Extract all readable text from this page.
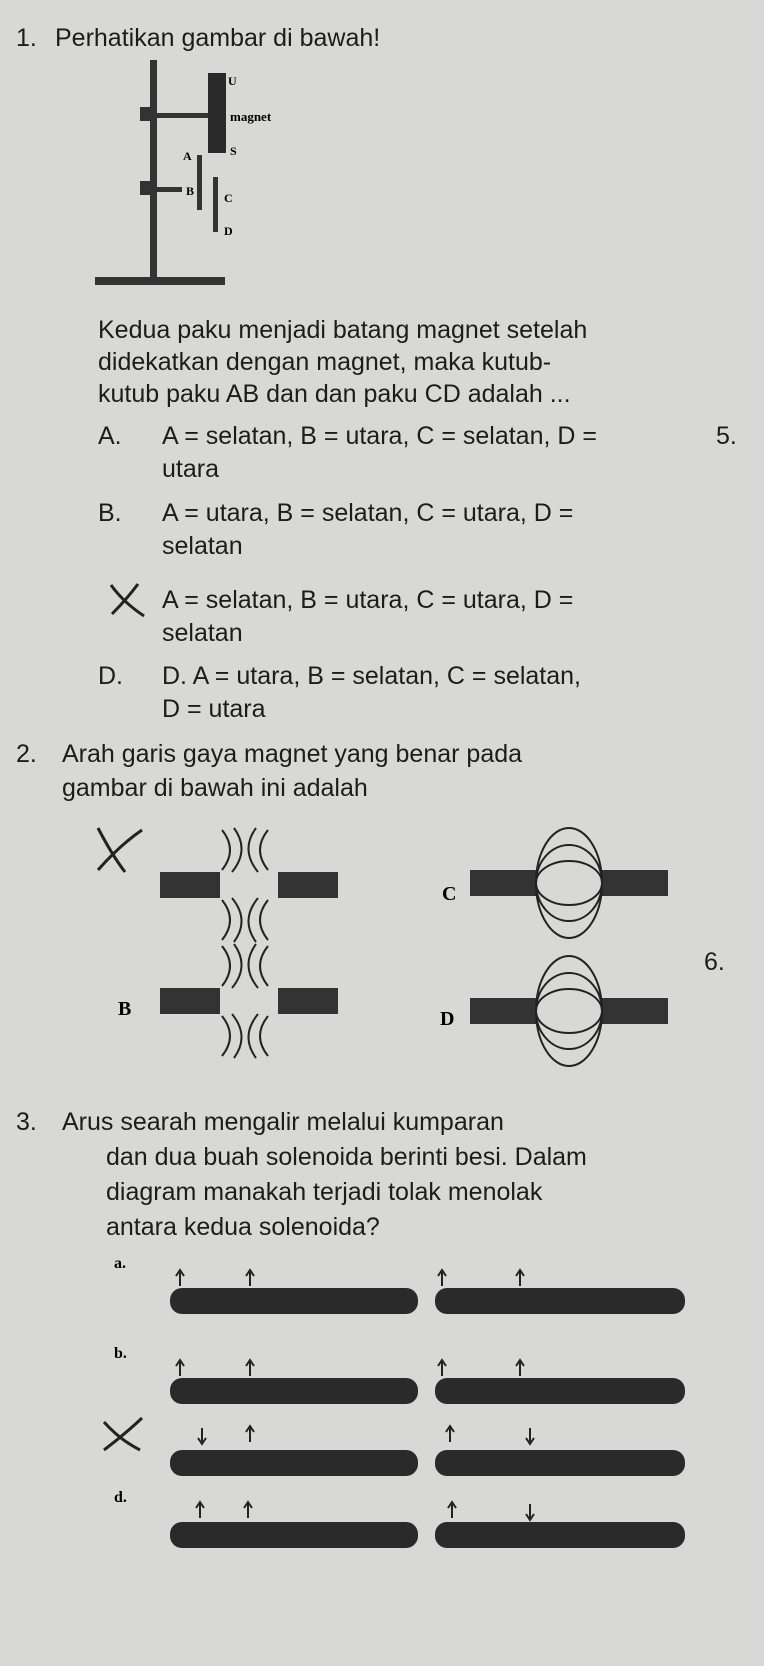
1. Perhatikan gambar di bawah!
U
magnet
S
A
B C
D
Kedua paku menjadi batang magnet setelah
didekatkan dengan magnet, maka kutub-
kutub paku AB dan dan paku CD adalah ...
A. A = selatan, B = utara, C = selatan, D =
utara
5.
B. A = utara, B = selatan, C = utara, D =
selatan
A = selatan, B = utara, C = utara, D =
selatan
D. D. A = utara, B = selatan, C = selatan,
D = utara
2. Arah garis gaya magnet yang benar pada
gambar di bawah ini adalah
C
B	D
6.
3. Arus searah mengalir melalui kumparan
dan dua buah solenoida berinti besi. Dalam
diagram manakah terjadi tolak menolak
antara kedua solenoida?
a.
b.
d.
